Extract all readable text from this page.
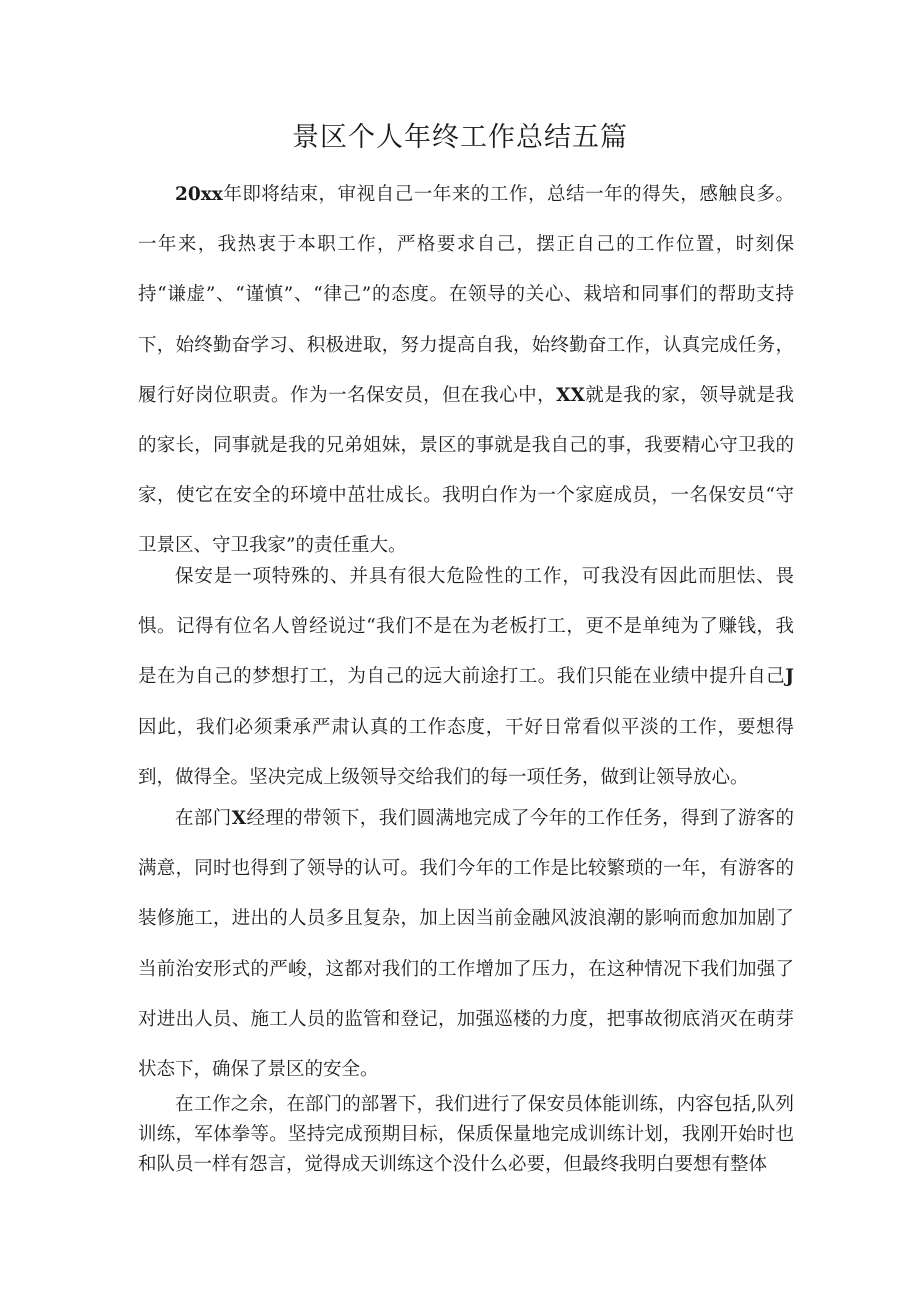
景区个人年终工作总结五篇

20xx年即将结束，审视自己一年来的工作，总结一年的得失，感触良多。一年来，我热衷于本职工作，严格要求自己，摆正自己的工作位置，时刻保持“谦虚”、“谨慎”、“律己”的态度。在领导的关心、栽培和同事们的帮助支持下，始终勤奋学习、积极进取，努力提高自我，始终勤奋工作，认真完成任务，履行好岗位职责。作为一名保安员，但在我心中，XX就是我的家，领导就是我的家长，同事就是我的兄弟姐妹，景区的事就是我自己的事，我要精心守卫我的家，使它在安全的环境中茁壮成长。我明白作为一个家庭成员，一名保安员“守卫景区、守卫我家”的责任重大。

保安是一项特殊的、并具有很大危险性的工作，可我没有因此而胆怯、畏惧。记得有位名人曾经说过“我们不是在为老板打工，更不是单纯为了赚钱，我是在为自己的梦想打工，为自己的远大前途打工。我们只能在业绩中提升自己J因此，我们必须秉承严肃认真的工作态度，干好日常看似平淡的工作，要想得到，做得全。坚决完成上级领导交给我们的每一项任务，做到让领导放心。

在部门X经理的带领下，我们圆满地完成了今年的工作任务，得到了游客的满意，同时也得到了领导的认可。我们今年的工作是比较繁琐的一年，有游客的装修施工，进出的人员多且复杂，加上因当前金融风波浪潮的影响而愈加加剧了当前治安形式的严峻，这都对我们的工作增加了压力，在这种情况下我们加强了对进出人员、施工人员的监管和登记，加强巡楼的力度，把事故彻底消灭在萌芽状态下，确保了景区的安全。

在工作之余，在部门的部署下，我们进行了保安员体能训练，内容包括,队列训练，军体拳等。坚持完成预期目标，保质保量地完成训练计划，我刚开始时也和队员一样有怨言，觉得成天训练这个没什么必要，但最终我明白要想有整体
